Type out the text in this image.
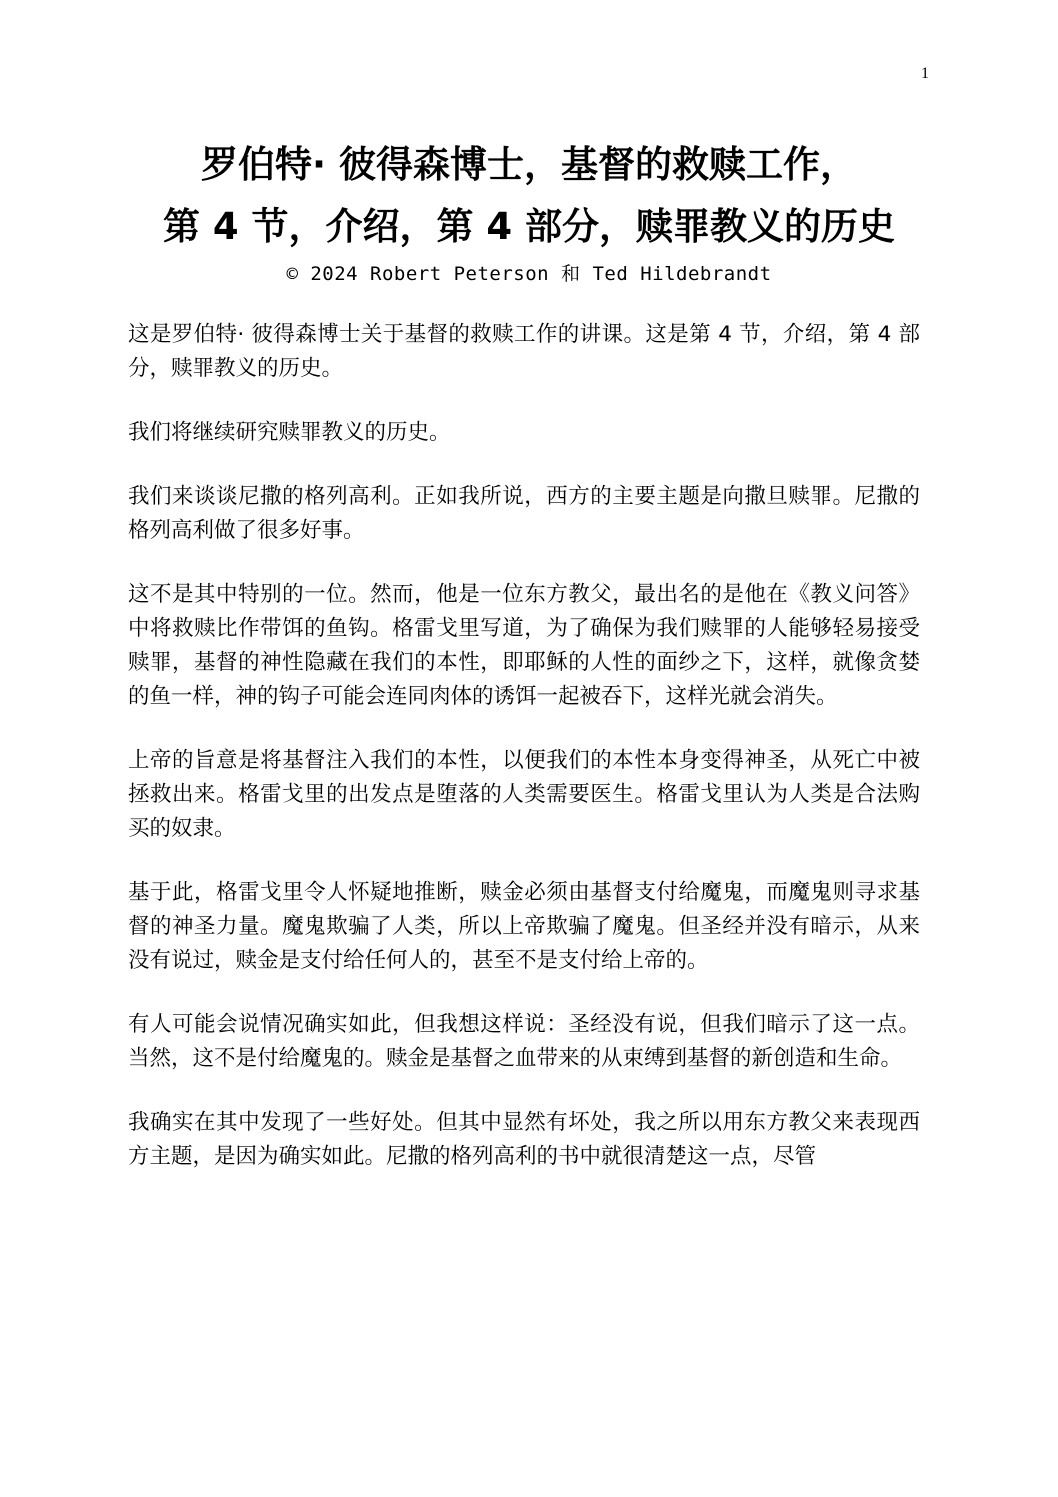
1
罗伯特· 彼得森博士，基督的救赎工作，
第 4 节，介绍，第 4 部分，赎罪教义的历史
© 2024 Robert Peterson 和 Ted Hildebrandt

这是罗伯特· 彼得森博士关于基督的救赎工作的讲课。这是第 4 节，介绍，第 4 部分，赎罪教义的历史。

我们将继续研究赎罪教义的历史。

我们来谈谈尼撒的格列高利。正如我所说，西方的主要主题是向撒旦赎罪。尼撒的格列高利做了很多好事。

这不是其中特别的一位。然而，他是一位东方教父，最出名的是他在《教义问答》中将救赎比作带饵的鱼钩。格雷戈里写道，为了确保为我们赎罪的人能够轻易接受赎罪，基督的神性隐藏在我们的本性，即耶稣的人性的面纱之下，这样，就像贪婪的鱼一样，神的钩子可能会连同肉体的诱饵一起被吞下，这样光就会消失。

上帝的旨意是将基督注入我们的本性，以便我们的本性本身变得神圣，从死亡中被拯救出来。格雷戈里的出发点是堕落的人类需要医生。格雷戈里认为人类是合法购买的奴隶。

基于此，格雷戈里令人怀疑地推断，赎金必须由基督支付给魔鬼，而魔鬼则寻求基督的神圣力量。魔鬼欺骗了人类，所以上帝欺骗了魔鬼。但圣经并没有暗示，从来没有说过，赎金是支付给任何人的，甚至不是支付给上帝的。

有人可能会说情况确实如此，但我想这样说：圣经没有说，但我们暗示了这一点。当然，这不是付给魔鬼的。赎金是基督之血带来的从束缚到基督的新创造和生命。

我确实在其中发现了一些好处。但其中显然有坏处，我之所以用东方教父来表现西方主题，是因为确实如此。尼撒的格列高利的书中就很清楚这一点，尽管
